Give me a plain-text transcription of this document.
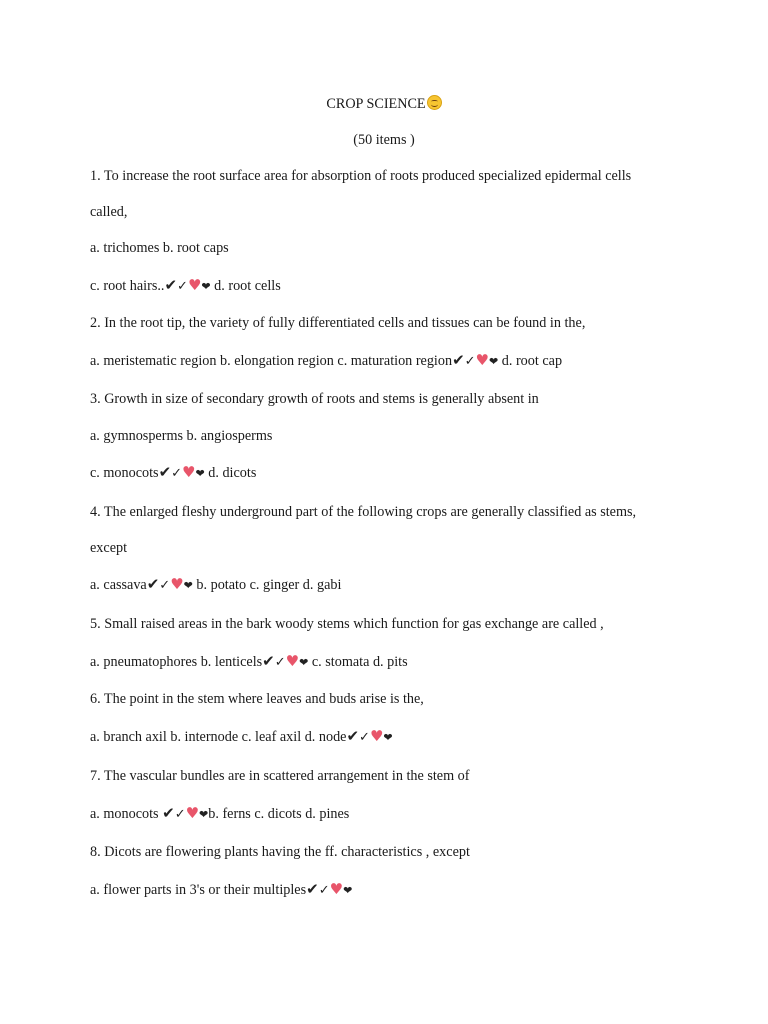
CROP SCIENCE
(50 items )
1. To increase the root surface area for absorption of roots produced specialized epidermal cells
called,
a. trichomes b. root caps
c. root hairs..✔✓♥❤ d. root cells
2. In the root tip, the variety of fully differentiated cells and tissues can be found in the,
a. meristematic region b. elongation region c. maturation region✔✓♥❤ d. root cap
3. Growth in size of secondary growth of roots and stems is generally absent in
a. gymnosperms b. angiosperms
c. monocots✔✓♥❤ d. dicots
4. The enlarged fleshy underground part of the following crops are generally classified as stems,
except
a. cassava✔✓♥❤ b. potato c. ginger d. gabi
5. Small raised areas in the bark woody stems which function for gas exchange are called ,
a. pneumatophores b. lenticels✔✓♥❤ c. stomata d. pits
6. The point in the stem where leaves and buds arise is the,
a. branch axil b. internode c. leaf axil d. node✔✓♥❤
7. The vascular bundles are in scattered arrangement in the stem of
a. monocots ✔✓♥❤b. ferns c. dicots d. pines
8. Dicots are flowering plants having the ff. characteristics , except
a. flower parts in 3's or their multiples✔✓♥❤
